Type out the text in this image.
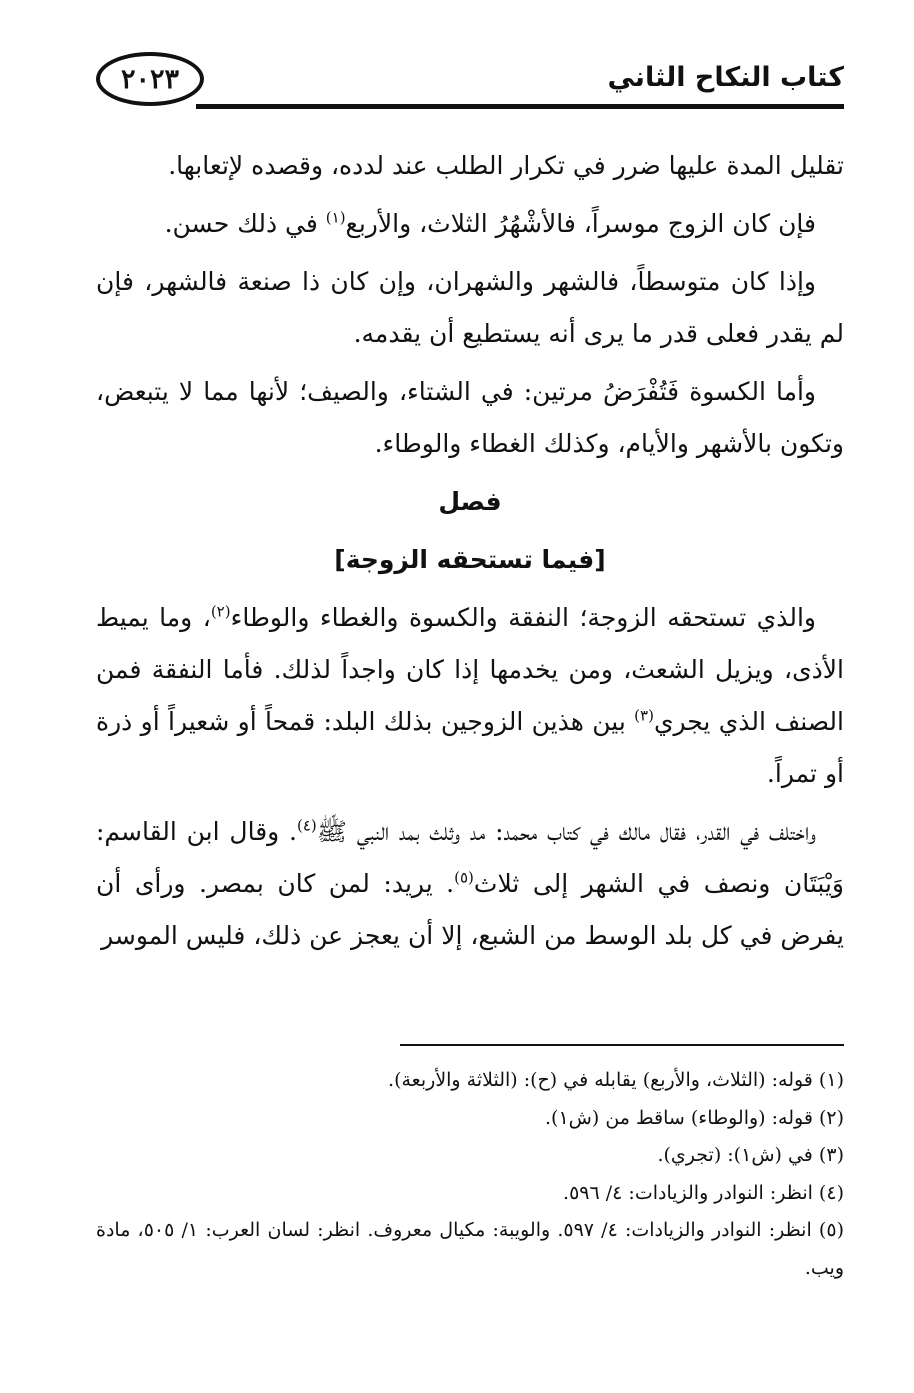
٢٠٢٣	كتاب النكاح الثاني

تقليل المدة عليها ضرر في تكرار الطلب عند لدده، وقصده لإتعابها.

فإن كان الزوج موسراً، فالأشْهُرُ الثلاث، والأربع$^{(١)}$ في ذلك حسن.

وإذا كان متوسطاً، فالشهر والشهران، وإن كان ذا صنعة فالشهر، فإن لم يقدر فعلى قدر ما يرى أنه يستطيع أن يقدمه.

وأما الكسوة فَتُفْرَضُ مرتين: في الشتاء، والصيف؛ لأنها مما لا يتبعض، وتكون بالأشهر والأيام، وكذلك الغطاء والوطاء.

فصل

[فيما تستحقه الزوجة]

والذي تستحقه الزوجة؛ النفقة والكسوة والغطاء والوطاء$^{(٢)}$، وما يميط الأذى، ويزيل الشعث، ومن يخدمها إذا كان واجداً لذلك. فأما النفقة فمن الصنف الذي يجري$^{(٣)}$ بين هذين الزوجين بذلك البلد: قمحاً أو شعيراً أو ذرة أو تمراً.

واختلف في القدر، فقال مالك في كتاب محمد: مد وثلث بمد النبي ﷺ$^{(٤)}$. وقال ابن القاسم: وَيْبَتَان ونصف في الشهر إلى ثلاث$^{(٥)}$. يريد: لمن كان بمصر. ورأى أن يفرض في كل بلد الوسط من الشبع، إلا أن يعجز عن ذلك، فليس الموسر

(١) قوله: (الثلاث، والأربع) يقابله في (ح): (الثلاثة والأربعة).
(٢) قوله: (والوطاء) ساقط من (ش١).
(٣) في (ش١): (تجري).
(٤) انظر: النوادر والزيادات: ٤/ ٥٩٦.
(٥) انظر: النوادر والزيادات: ٤/ ٥٩٧. والويبة: مكيال معروف. انظر: لسان العرب: ١/ ٥٠٥، مادة ويب.
